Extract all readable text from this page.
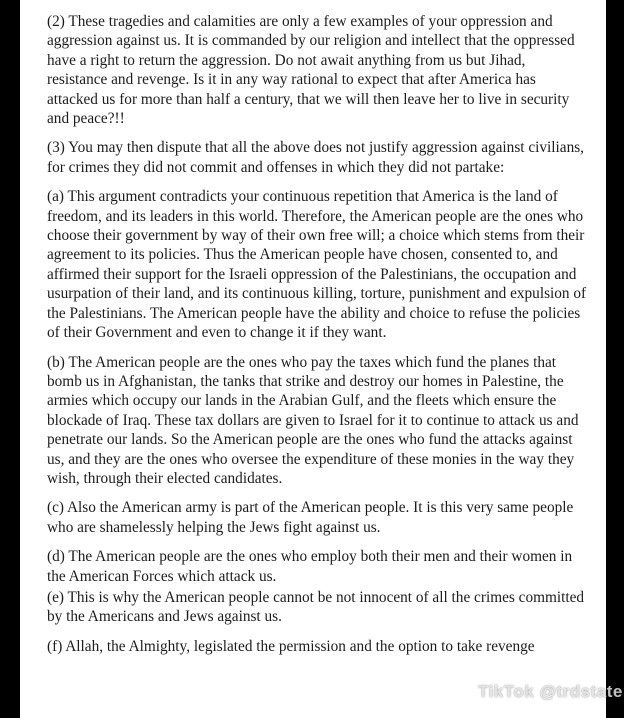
(2) These tragedies and calamities are only a few examples of your oppression and aggression against us. It is commanded by our religion and intellect that the oppressed have a right to return the aggression. Do not await anything from us but Jihad, resistance and revenge. Is it in any way rational to expect that after America has attacked us for more than half a century, that we will then leave her to live in security and peace?!!

(3) You may then dispute that all the above does not justify aggression against civilians, for crimes they did not commit and offenses in which they did not partake:

(a) This argument contradicts your continuous repetition that America is the land of freedom, and its leaders in this world. Therefore, the American people are the ones who choose their government by way of their own free will; a choice which stems from their agreement to its policies. Thus the American people have chosen, consented to, and affirmed their support for the Israeli oppression of the Palestinians, the occupation and usurpation of their land, and its continuous killing, torture, punishment and expulsion of the Palestinians. The American people have the ability and choice to refuse the policies of their Government and even to change it if they want.

(b) The American people are the ones who pay the taxes which fund the planes that bomb us in Afghanistan, the tanks that strike and destroy our homes in Palestine, the armies which occupy our lands in the Arabian Gulf, and the fleets which ensure the blockade of Iraq. These tax dollars are given to Israel for it to continue to attack us and penetrate our lands. So the American people are the ones who fund the attacks against us, and they are the ones who oversee the expenditure of these monies in the way they wish, through their elected candidates.

(c) Also the American army is part of the American people. It is this very same people who are shamelessly helping the Jews fight against us.

(d) The American people are the ones who employ both their men and their women in the American Forces which attack us.

(e) This is why the American people cannot be not innocent of all the crimes committed by the Americans and Jews against us.

(f) Allah, the Almighty, legislated the permission and the option to take revenge

TikTok @trdstate
